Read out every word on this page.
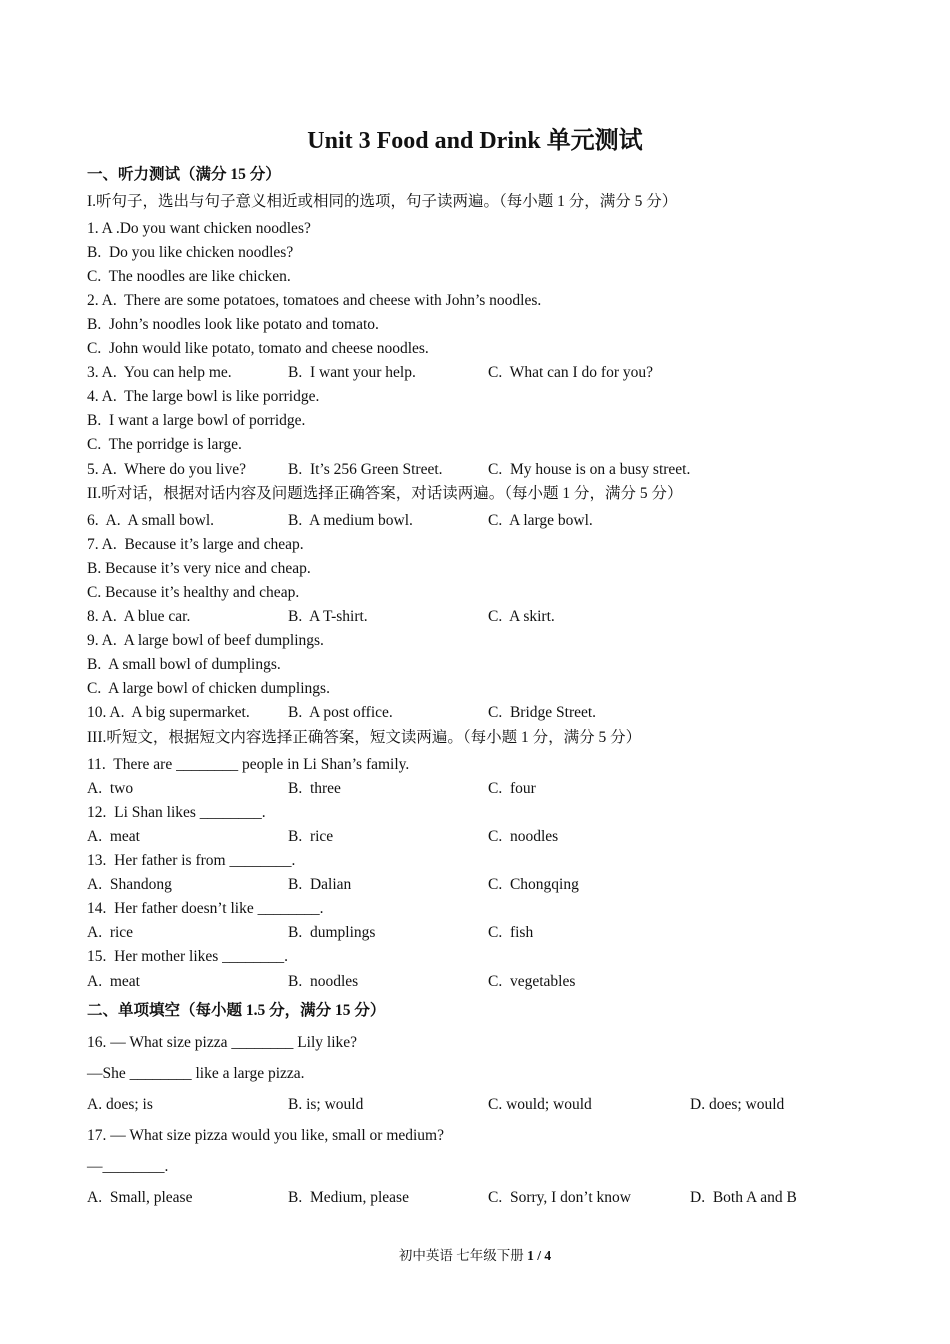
Unit 3 Food and Drink 单元测试
一、听力测试（满分 15 分）
I.听句子，选出与句子意义相近或相同的选项，句子读两遍。（每小题 1 分，满分 5 分）
1. A .Do you want chicken noodles?
B.  Do you like chicken noodles?
C.  The noodles are like chicken.
2. A.  There are some potatoes, tomatoes and cheese with John’s noodles.
B.  John’s noodles look like potato and tomato.
C.  John would like potato, tomato and cheese noodles.
3. A.  You can help me.	B.  I want your help.	C.  What can I do for you?
4. A.  The large bowl is like porridge.
B.  I want a large bowl of porridge.
C.  The porridge is large.
5. A.  Where do you live?	B.  It’s 256 Green Street.	C.  My house is on a busy street.
II.听对话，根据对话内容及问题选择正确答案，对话读两遍。（每小题 1 分，满分 5 分）
6.  A.  A small bowl.	B.  A medium bowl.	C.  A large bowl.
7. A.  Because it’s large and cheap.
B. Because it’s very nice and cheap.
C. Because it’s healthy and cheap.
8. A.  A blue car.	B.  A T-shirt.	C.  A skirt.
9. A.  A large bowl of beef dumplings.
B.  A small bowl of dumplings.
C.  A large bowl of chicken dumplings.
10. A.  A big supermarket. B.  A post office.	C.  Bridge Street.
III.听短文，根据短文内容选择正确答案，短文读两遍。（每小题 1 分，满分 5 分）
11.  There are ________ people in Li Shan’s family.
A.  two	B.  three	C.  four
12.  Li Shan likes ________.
A.  meat	B.  rice	C.  noodles
13.  Her father is from ________.
A.  Shandong	B.  Dalian	C.  Chongqing
14.  Her father doesn’t like ________.
A.  rice	B.  dumplings	C.  fish
15.  Her mother likes ________.
A.  meat	B.  noodles	C.  vegetables
二、单项填空（每小题 1.5 分，满分 15 分）
16. — What size pizza ________ Lily like?
—She ________ like a large pizza.
A. does; is	B. is; would	C. would; would	D. does; would
17. — What size pizza would you like, small or medium?
—________.
A.  Small, please	B.  Medium, please	C.  Sorry, I don’t know	D.  Both A and B
初中英语 七年级下册 1 / 4
